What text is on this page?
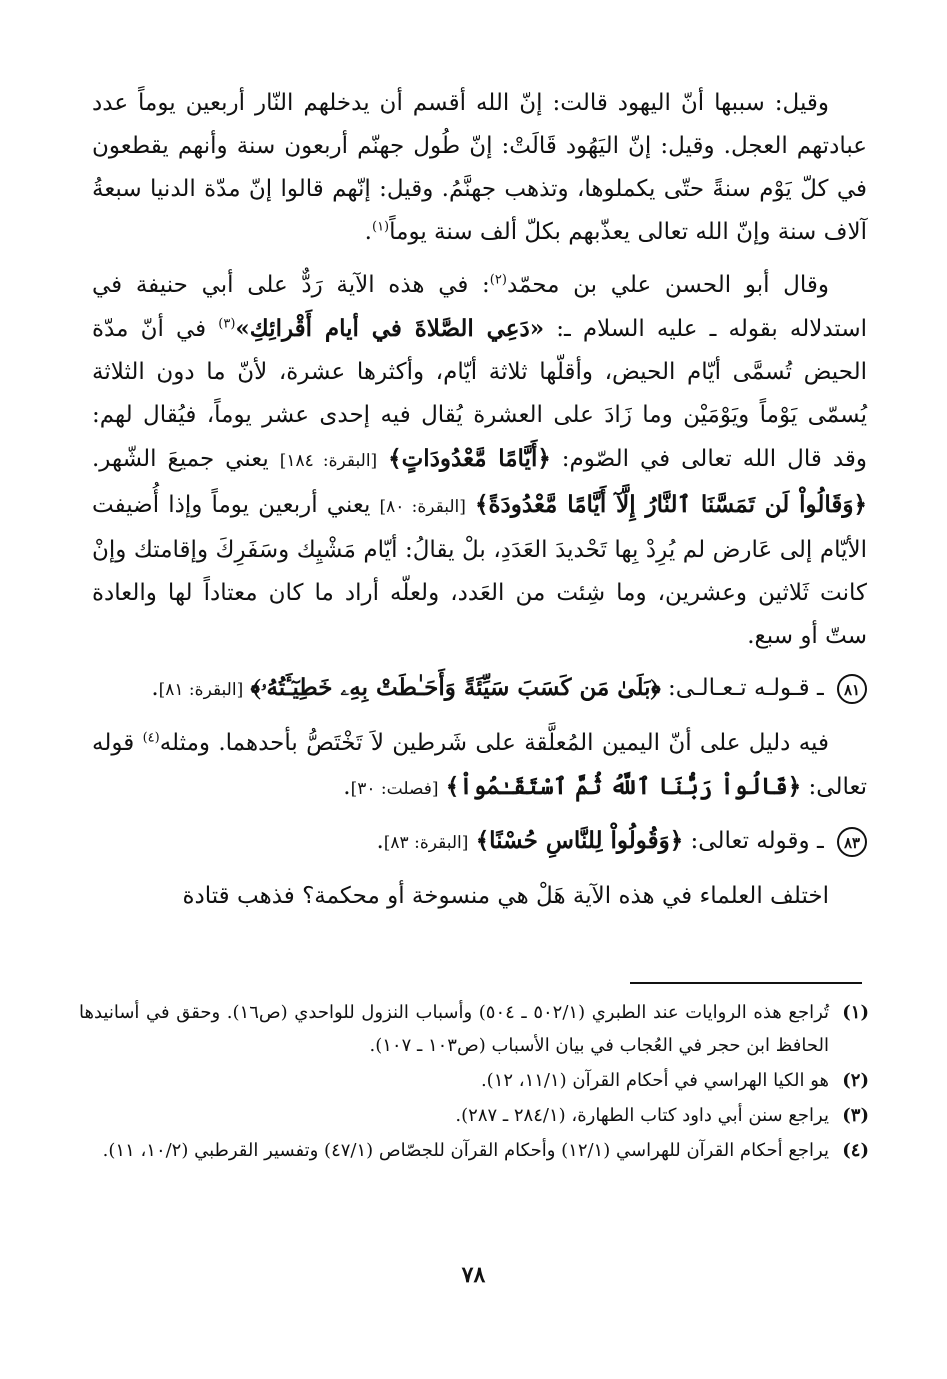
وقيل: سببها أنّ اليهود قالت: إنّ الله أقسم أن يدخلهم النّار أربعين يوماً عدد عبادتهم العجل. وقيل: إنّ اليَهُود قَالَتْ: إنّ طُول جهنّم أربعون سنة وأنهم يقطعون في كلّ يَوْم سنةً حتّى يكملوها، وتذهب جهنَّمُ. وقيل: إنّهم قالوا إنّ مدّة الدنيا سبعةُ آلاف سنة وإنّ الله تعالى يعذّبهم بكلّ ألف سنة يوماً$^{(١)}$.

وقال أبو الحسن علي بن محمّد$^{(٢)}$: في هذه الآية رَدٌّ على أبي حنيفة في استدلاله بقوله ـ عليه السلام ـ: «دَعِي الصَّلاةَ في أيام أَقْرائِكِ»$^{(٣)}$ في أنّ مدّة الحيض تُسمَّى أيّام الحيض، وأقلّها ثلاثة أيّام، وأكثرها عشرة، لأنّ ما دون الثلاثة يُسمّى يَوْماً ويَوْمَيْن وما زَادَ على العشرة يُقال فيه إحدى عشر يوماً، فيُقال لهم: وقد قال الله تعالى في الصّوم: ﴿أَيَّامًا مَّعْدُودَاتٍ﴾ [البقرة: ١٨٤] يعني جميعَ الشّهر. ﴿وَقَالُواْ لَن تَمَسَّنَا ٱلنَّارُ إِلَّآ أَيَّامًا مَّعْدُودَةً﴾ [البقرة: ٨٠] يعني أربعين يوماً وإذا أُضيفت الأيّام إلى عَارض لم يُرِدْ بِها تَحْديدَ العَدَدِ، بلْ يقالُ: أيّام مَشْيِك وسَفَرِكَ وإقامتك وإنْ كانت ثَلاثين وعشرين، وما شِئت من العَدد، ولعلّه أراد ما كان معتاداً لها والعادة ستّ أو سبع.

٨١ ـ قـولـه تـعـالـى: ﴿بَلَىٰ مَن كَسَبَ سَيِّئَةً وَأَحَـٰطَتْ بِهِۦ خَطِيٓـَٔتُهُۥ﴾ [البقرة: ٨١].

فيه دليل على أنّ اليمين المُعلَّقة على شَرطين لاَ تَخْتَصُّ بأحدهما. ومثله$^{(٤)}$ قوله تعالى: ﴿قَالُواْ رَبُّنَا ٱللَّهُ ثُمَّ ٱسْتَقَـٰمُواْ﴾ [فصلت: ٣٠].

٨٣ ـ وقوله تعالى: ﴿وَقُولُواْ لِلنَّاسِ حُسْنًا﴾ [البقرة: ٨٣].

اختلف العلماء في هذه الآية هَلْ هي منسوخة أو محكمة؟ فذهب قتادة

(١)
تُراجع هذه الروايات عند الطبري (٥٠٢/١ ـ ٥٠٤) وأسباب النزول للواحدي (ص١٦). وحقق في أسانيدها الحافظ ابن حجر في العُجاب في بيان الأسباب (ص١٠٣ ـ ١٠٧).
(٢)
هو الكيا الهراسي في أحكام القرآن (١١/١، ١٢).
(٣)
يراجع سنن أبي داود كتاب الطهارة، (٢٨٤/١ ـ ٢٨٧).
(٤)
يراجع أحكام القرآن للهراسي (١٢/١) وأحكام القرآن للجصّاص (٤٧/١) وتفسير القرطبي (١٠/٢، ١١).
٧٨
